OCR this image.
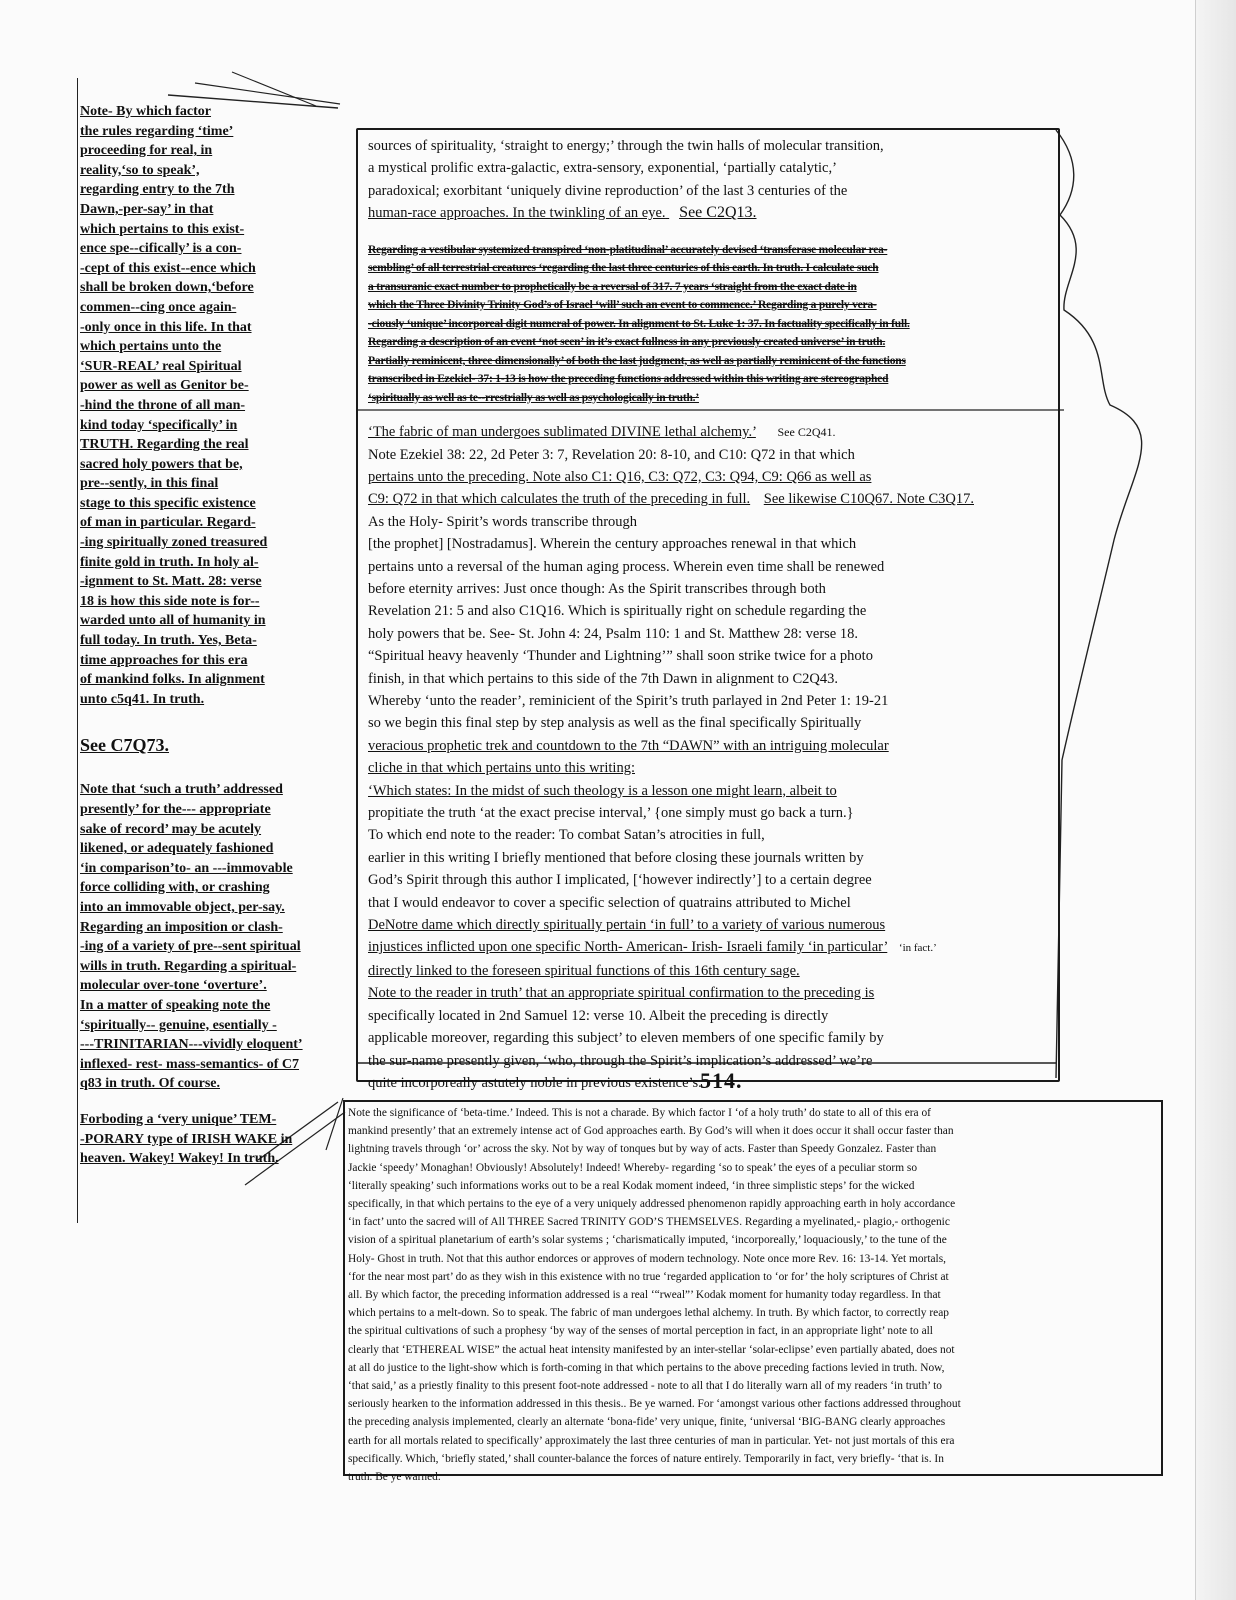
Note- By which factor
the rules regarding ‘time’
proceeding for real, in
reality,‘so to speak’,
regarding entry to the 7th
Dawn,-per-say’ in that
which pertains to this exist-
ence spe--cifically’ is a con-
-cept of this exist--ence which
shall be broken down,‘before
commen--cing once again-
-only once in this life. In that
which pertains unto the
‘SUR-REAL’ real Spiritual
power as well as Genitor be-
-hind the throne of all man-
kind today ‘specifically’ in
TRUTH. Regarding the real
sacred holy powers that be,
pre--sently, in this final
stage to this specific existence
of man in particular. Regard-
-ing spiritually zoned treasured
finite gold in truth. In holy al-
-ignment to St. Matt. 28: verse
18 is how this side note is for--
warded unto all of humanity in
full today. In truth. Yes, Beta-
time approaches for this era
of mankind folks. In alignment
unto c5q41. In truth.
See C7Q73.
Note that ‘such a truth’ addressed
presently’ for the--- appropriate
sake of record’ may be acutely
likened, or adequately fashioned
‘in comparison’to- an ---immovable
force colliding with, or crashing
into an immovable object, per-say.
Regarding an imposition or clash-
-ing of a variety of pre--sent spiritual
wills in truth. Regarding a spiritual-
molecular over-tone ‘overture’.
In a matter of speaking note the
‘spiritually-- genuine, esentially -
---TRINITARIAN---vividly eloquent’
inflexed- rest- mass-semantics- of C7
q83 in truth. Of course.
Forboding a ‘very unique’ TEM-
-PORARY type of IRISH WAKE in
heaven. Wakey! Wakey! In truth.
sources of spirituality, ‘straight to energy;’ through the twin halls of molecular transition,
a mystical prolific extra-galactic, extra-sensory, exponential, ‘partially catalytic,’
paradoxical; exorbitant ‘uniquely divine reproduction’ of the last 3 centuries of the
human-race approaches. In the twinkling of an eye. See C2Q13.
Regarding a vestibular systemized transpired ‘non-platitudinal’ accurately devised ‘transferase molecular rea-
sembling’ of all terrestrial creatures ‘regarding the last three centuries of this earth. In truth. I calculate such
a transuranic exact number to prophetically be a reversal of 317. 7 years ‘straight from the exact date in
which the Three Divinity Trinity God’s of Israel ‘will’ such an event to commence.’ Regarding a purely vera-
-ciously ‘unique’ incorporeal digit numeral of power. In alignment to St. Luke 1: 37. In factuality specifically in full.
Regarding a description of an event ‘not seen’ in it’s exact fullness in any previously created universe’ in truth.
Partially reminicent, three dimensionally’ of both the last judgment, as well as partially reminicent of the functions
transcribed in Ezekiel- 37: 1-13 is how the preceding functions addressed within this writing are stereographed
‘spiritually as well as te--rrestrially as well as psychologically in truth.’
‘The fabric of man undergoes sublimated DIVINE lethal alchemy.’ See C2Q41.
Note Ezekiel 38: 22, 2d Peter 3: 7, Revelation 20: 8-10, and C10: Q72 in that which
pertains unto the preceding. Note also C1: Q16, C3: Q72, C3: Q94, C9: Q66 as well as
C9: Q72 in that which calculates the truth of the preceding in full. See likewise C10Q67. Note C3Q17.
As the Holy- Spirit’s words transcribe through
[the prophet] [Nostradamus]. Wherein the century approaches renewal in that which
pertains unto a reversal of the human aging process. Wherein even time shall be renewed
before eternity arrives: Just once though: As the Spirit transcribes through both
Revelation 21: 5 and also C1Q16. Which is spiritually right on schedule regarding the
holy powers that be. See- St. John 4: 24, Psalm 110: 1 and St. Matthew 28: verse 18.
“Spiritual heavy heavenly ‘Thunder and Lightning’” shall soon strike twice for a photo
finish, in that which pertains to this side of the 7th Dawn in alignment to C2Q43.
Whereby ‘unto the reader’, reminicient of the Spirit’s truth parlayed in 2nd Peter 1: 19-21
so we begin this final step by step analysis as well as the final specifically Spiritually
veracious prophetic trek and countdown to the 7th “DAWN” with an intriguing molecular
cliche in that which pertains unto this writing:
‘Which states: In the midst of such theology is a lesson one might learn, albeit to
propitiate the truth ‘at the exact precise interval,’ {one simply must go back a turn.}
To which end note to the reader: To combat Satan’s atrocities in full,
earlier in this writing I briefly mentioned that before closing these journals written by
God’s Spirit through this author I implicated, [‘however indirectly’] to a certain degree
that I would endeavor to cover a specific selection of quatrains attributed to Michel
DeNotre dame which directly spiritually pertain ‘in full’ to a variety of various numerous
injustices inflicted upon one specific North- American- Irish- Israeli family ‘in particular’ ‘in fact.’
directly linked to the foreseen spiritual functions of this 16th century sage.
Note to the reader in truth’ that an appropriate spiritual confirmation to the preceding is
specifically located in 2nd Samuel 12: verse 10. Albeit the preceding is directly
applicable moreover, regarding this subject’ to eleven members of one specific family by
the sur-name presently given, ‘who, through the Spirit’s implication’s addressed’ we’re
quite incorporeally astutely noble in previous existence’s.
514.
Note the significance of ‘beta-time.’ Indeed. This is not a charade. By which factor I ‘of a holy truth’ do state to all of this era of
mankind presently’ that an extremely intense act of God approaches earth. By God’s will when it does occur it shall occur faster than
lightning travels through ‘or’ across the sky. Not by way of tonques but by way of acts. Faster than Speedy Gonzalez. Faster than
Jackie ‘speedy’ Monaghan! Obviously! Absolutely! Indeed! Whereby- regarding ‘so to speak’ the eyes of a peculiar storm so
‘literally speaking’ such informations works out to be a real Kodak moment indeed, ‘in three simplistic steps’ for the wicked
specifically, in that which pertains to the eye of a very uniquely addressed phenomenon rapidly approaching earth in holy accordance
‘in fact’ unto the sacred will of All THREE Sacred TRINITY GOD’S THEMSELVES. Regarding a myelinated,- plagio,- orthogenic
vision of a spiritual planetarium of earth’s solar systems ; ‘charismatically imputed, ‘incorporeally,’ loquaciously,’ to the tune of the
Holy- Ghost in truth. Not that this author endorces or approves of modern technology. Note once more Rev. 16: 13-14. Yet mortals,
‘for the near most part’ do as they wish in this existence with no true ‘regarded application to ‘or for’ the holy scriptures of Christ at
all. By which factor, the preceding information addressed is a real ‘“rweal”’ Kodak moment for humanity today regardless. In that
which pertains to a melt-down. So to speak. The fabric of man undergoes lethal alchemy. In truth. By which factor, to correctly reap
the spiritual cultivations of such a prophesy ‘by way of the senses of mortal perception in fact, in an appropriate light’ note to all
clearly that ‘ETHEREAL WISE” the actual heat intensity manifested by an inter-stellar ‘solar-eclipse’ even partially abated, does not
at all do justice to the light-show which is forth-coming in that which pertains to the above preceding factions levied in truth. Now,
‘that said,’ as a priestly finality to this present foot-note addressed - note to all that I do literally warn all of my readers ‘in truth’ to
seriously hearken to the information addressed in this thesis.. Be ye warned. For ‘amongst various other factions addressed throughout
the preceding analysis implemented, clearly an alternate ‘bona-fide’ very unique, finite, ‘universal ‘BIG-BANG clearly approaches
earth for all mortals related to specifically’ approximately the last three centuries of man in particular. Yet- not just mortals of this era
specifically. Which, ‘briefly stated,’ shall counter-balance the forces of nature entirely. Temporarily in fact, very briefly- ‘that is. In
truth. Be ye warned.
